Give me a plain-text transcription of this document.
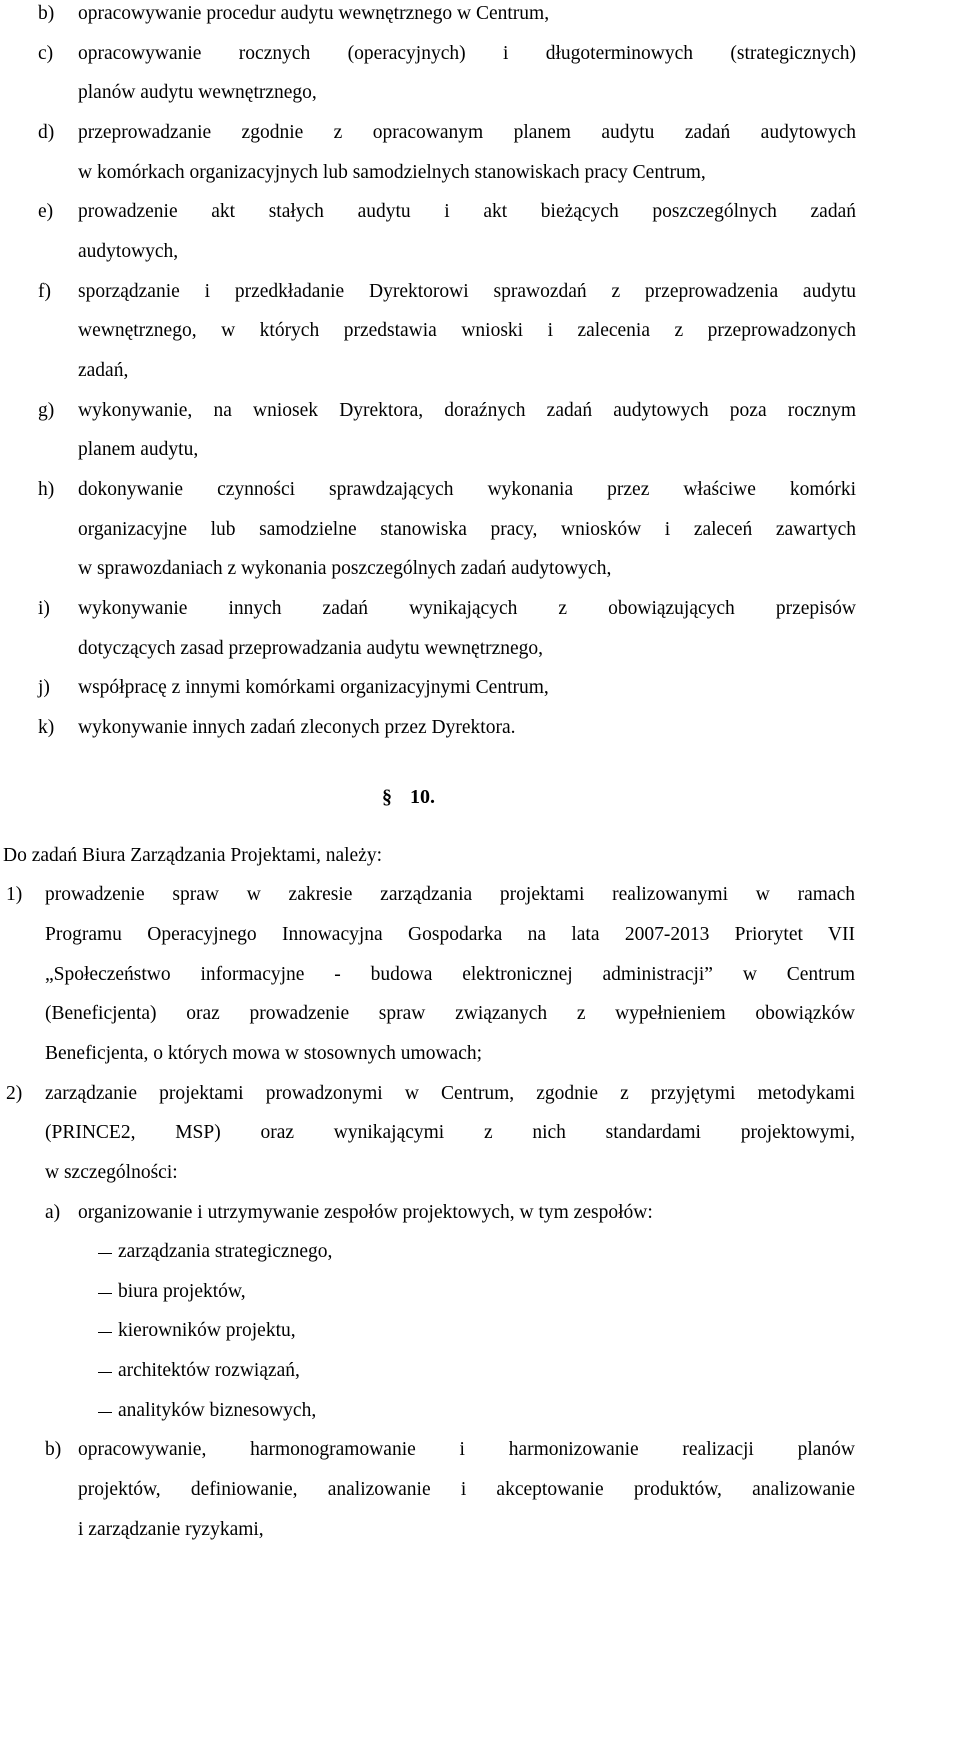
b) opracowywanie procedur audytu wewnętrznego w Centrum,
c) opracowywanie rocznych (operacyjnych) i długoterminowych (strategicznych)
planów audytu wewnętrznego,
d) przeprowadzanie zgodnie z opracowanym planem audytu zadań audytowych
w komórkach organizacyjnych lub samodzielnych stanowiskach pracy Centrum,
e) prowadzenie akt stałych audytu i akt bieżących poszczególnych zadań
audytowych,
f) sporządzanie i przedkładanie Dyrektorowi sprawozdań z przeprowadzenia audytu
wewnętrznego, w których przedstawia wnioski i zalecenia z przeprowadzonych
zadań,
g) wykonywanie, na wniosek Dyrektora, doraźnych zadań audytowych poza rocznym
planem audytu,
h) dokonywanie czynności sprawdzających wykonania przez właściwe komórki
organizacyjne lub samodzielne stanowiska pracy, wniosków i zaleceń zawartych
w sprawozdaniach z wykonania poszczególnych zadań audytowych,
i) wykonywanie innych zadań wynikających z obowiązujących przepisów
dotyczących zasad przeprowadzania audytu wewnętrznego,
j) współpracę z innymi komórkami organizacyjnymi Centrum,
k) wykonywanie innych zadań zleconych przez Dyrektora.
§ 10.
Do zadań Biura Zarządzania Projektami, należy:
1) prowadzenie spraw w zakresie zarządzania projektami realizowanymi w ramach
Programu Operacyjnego Innowacyjna Gospodarka na lata 2007-2013 Priorytet VII
„Społeczeństwo informacyjne - budowa elektronicznej administracji” w Centrum
(Beneficjenta) oraz prowadzenie spraw związanych z wypełnieniem obowiązków
Beneficjenta, o których mowa w stosownych umowach;
2) zarządzanie projektami prowadzonymi w Centrum, zgodnie z przyjętymi metodykami
(PRINCE2, MSP) oraz wynikającymi z nich standardami projektowymi,
w szczególności:
a) organizowanie i utrzymywanie zespołów projektowych, w tym zespołów:
zarządzania strategicznego,
biura projektów,
kierowników projektu,
architektów rozwiązań,
analityków biznesowych,
b) opracowywanie, harmonogramowanie i harmonizowanie realizacji planów
projektów, definiowanie, analizowanie i akceptowanie produktów, analizowanie
i zarządzanie ryzykami,
